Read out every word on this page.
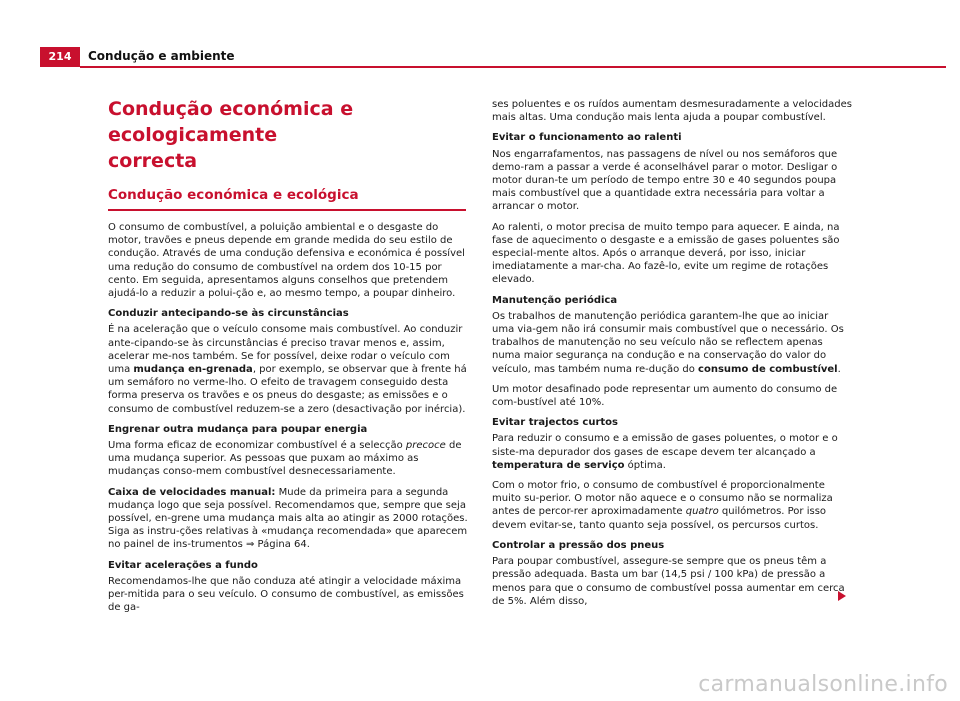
214	Condução e ambiente
Condução económica e ecologicamente
correcta
Condução económica e ecológica

O consumo de combustível, a poluição ambiental e o desgaste do motor, travões e pneus depende em grande medida do seu estilo de condução. Através de uma condução defensiva e económica é possível uma redução do consumo de combustível na ordem dos 10-15 por cento. Em seguida, apresentamos alguns conselhos que pretendem ajudá-lo a reduzir a polui-ção e, ao mesmo tempo, a poupar dinheiro.

Conduzir antecipando-se às circunstâncias

É na aceleração que o veículo consome mais combustível. Ao conduzir ante-cipando-se às circunstâncias é preciso travar menos e, assim, acelerar me-nos também. Se for possível, deixe rodar o veículo com uma mudança en-grenada, por exemplo, se observar que à frente há um semáforo no verme-lho. O efeito de travagem conseguido desta forma preserva os travões e os pneus do desgaste; as emissões e o consumo de combustível reduzem-se a zero (desactivação por inércia).

Engrenar outra mudança para poupar energia

Uma forma eficaz de economizar combustível é a selecção precoce de uma mudança superior. As pessoas que puxam ao máximo as mudanças conso-mem combustível desnecessariamente.

Caixa de velocidades manual: Mude da primeira para a segunda mudança logo que seja possível. Recomendamos que, sempre que seja possível, en-grene uma mudança mais alta ao atingir as 2000 rotações. Siga as instru-ções relativas à «mudança recomendada» que aparecem no painel de ins-trumentos ⇒ Página 64.

Evitar acelerações a fundo

Recomendamos-lhe que não conduza até atingir a velocidade máxima per-mitida para o seu veículo. O consumo de combustível, as emissões de ga-

ses poluentes e os ruídos aumentam desmesuradamente a velocidades mais altas. Uma condução mais lenta ajuda a poupar combustível.

Evitar o funcionamento ao ralenti

Nos engarrafamentos, nas passagens de nível ou nos semáforos que demo-ram a passar a verde é aconselhável parar o motor. Desligar o motor duran-te um período de tempo entre 30 e 40 segundos poupa mais combustível que a quantidade extra necessária para voltar a arrancar o motor.

Ao ralenti, o motor precisa de muito tempo para aquecer. E ainda, na fase de aquecimento o desgaste e a emissão de gases poluentes são especial-mente altos. Após o arranque deverá, por isso, iniciar imediatamente a mar-cha. Ao fazê-lo, evite um regime de rotações elevado.

Manutenção periódica

Os trabalhos de manutenção periódica garantem-lhe que ao iniciar uma via-gem não irá consumir mais combustível que o necessário. Os trabalhos de manutenção no seu veículo não se reflectem apenas numa maior segurança na condução e na conservação do valor do veículo, mas também numa re-dução do consumo de combustível.

Um motor desafinado pode representar um aumento do consumo de com-bustível até 10%.

Evitar trajectos curtos

Para reduzir o consumo e a emissão de gases poluentes, o motor e o siste-ma depurador dos gases de escape devem ter alcançado a temperatura de serviço óptima.

Com o motor frio, o consumo de combustível é proporcionalmente muito su-perior. O motor não aquece e o consumo não se normaliza antes de percor-rer aproximadamente quatro quilómetros. Por isso devem evitar-se, tanto quanto seja possível, os percursos curtos.

Controlar a pressão dos pneus

Para poupar combustível, assegure-se sempre que os pneus têm a pressão adequada. Basta um bar (14,5 psi / 100 kPa) de pressão a menos para que o consumo de combustível possa aumentar em cerca de 5%. Além disso,

carmanualsonline.info
